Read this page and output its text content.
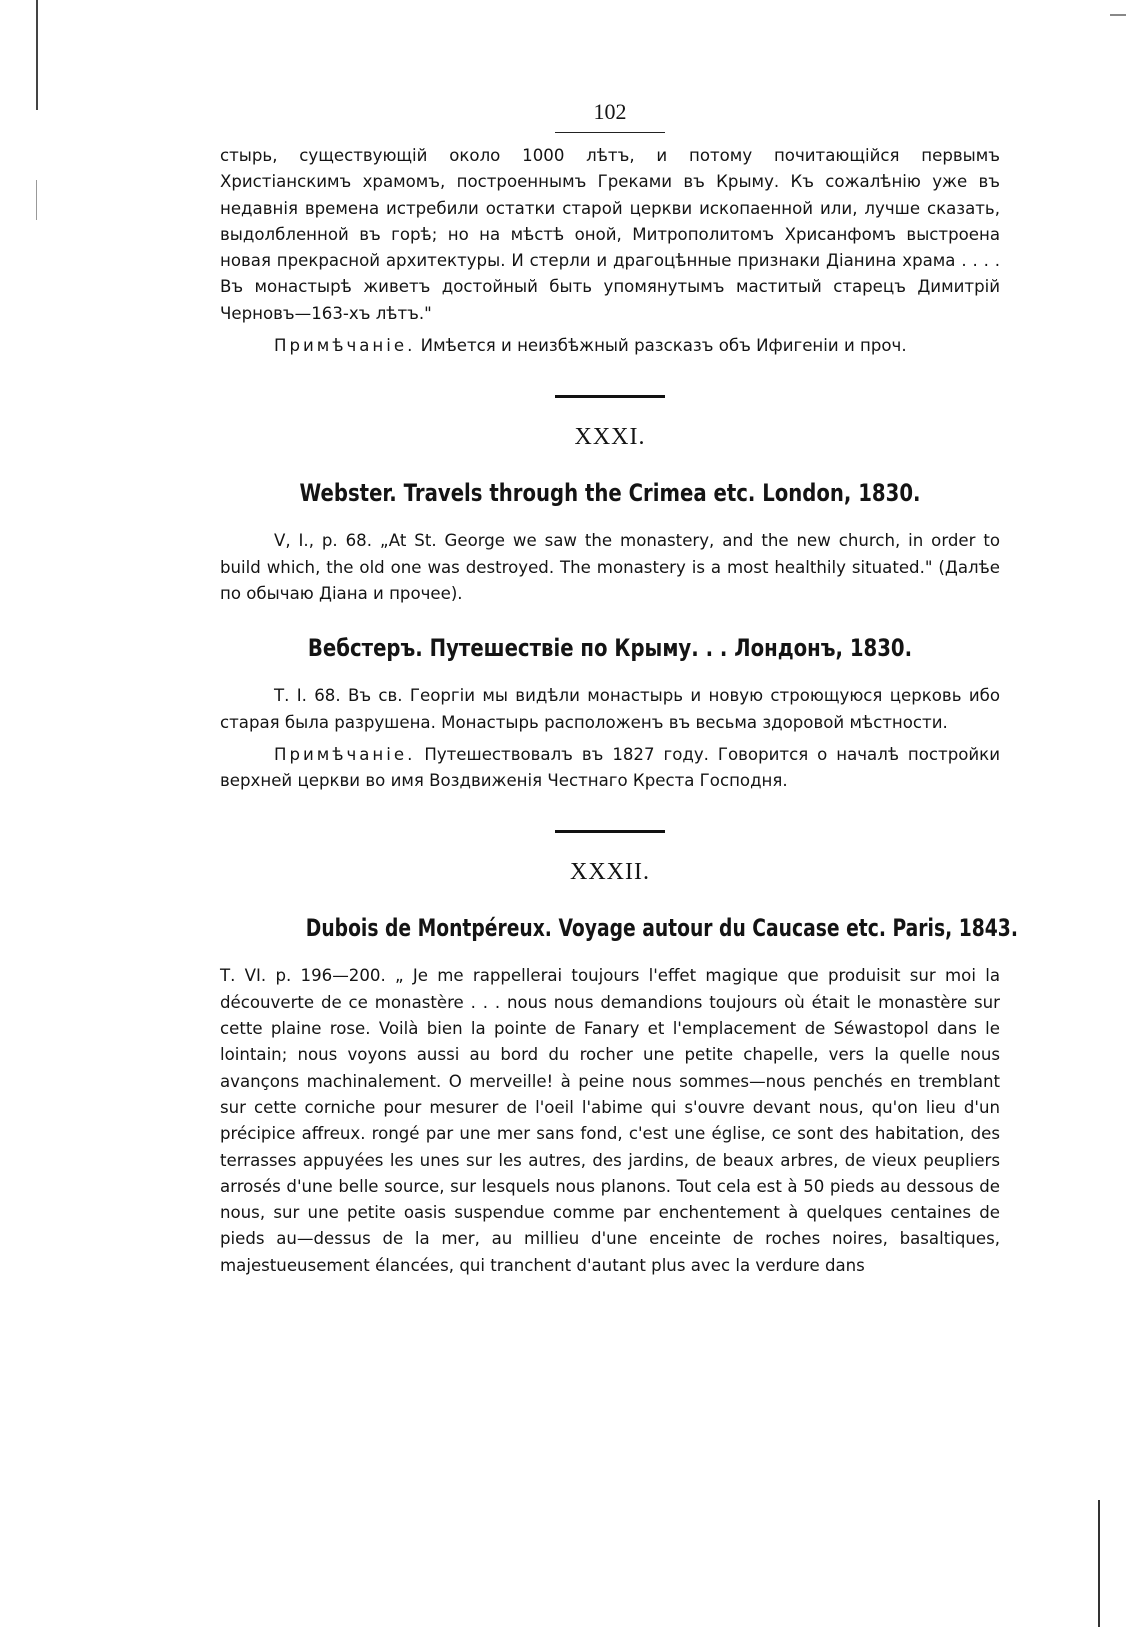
102

стырь, существующій около 1000 лѣтъ, и потому почитающійся первымъ Христіанскимъ храмомъ, построеннымъ Греками въ Крыму. Къ сожалѣнію уже въ недавнія времена истребили остатки старой церкви ископаенной или, лучше сказать, выдолбленной въ горѣ; но на мѣстѣ оной, Митрополитомъ Хрисанфомъ выстроена новая прекрасной архитектуры. И стерли и драгоцѣнные признаки Діанина храма . . . . Въ монастырѣ живетъ достойный быть упомянутымъ маститый старецъ Димитрій Черновъ—163-хъ лѣтъ."

Примѣчаніе. Имѣется и неизбѣжный разсказъ объ Ифигеніи и проч.

XXXI.
Webster. Travels through the Crimea etc. London, 1830.

V, I., p. 68. „At St. George we saw the monastery, and the new church, in order to build which, the old one was destroyed. The monastery is a most healthily situated." (Далѣе по обычаю Діана и прочее).

Вебстеръ. Путешествіе по Крыму. . . Лондонъ, 1830.

Т. I. 68. Въ св. Георгіи мы видѣли монастырь и новую строющуюся церковь ибо старая была разрушена. Монастырь расположенъ въ весьма здоровой мѣстности.

Примѣчаніе. Путешествовалъ въ 1827 году. Говорится о началѣ постройки верхней церкви во имя Воздвиженія Честнаго Креста Господня.

XXXII.
Dubois de Montpéreux. Voyage autour du Caucase etc. Paris, 1843.

Т. VI. p. 196—200. „ Je me rappellerai toujours l'effet magique que produisit sur moi la découverte de ce monastère . . . nous nous demandions toujours où était le monastère sur cette plaine rose. Voilà bien la pointe de Fanary et l'emplacement de Séwastopol dans le lointain; nous voyons aussi au bord du rocher une petite chapelle, vers la quelle nous avançons machinalement. O merveille! à peine nous sommes—nous penchés en tremblant sur cette corniche pour mesurer de l'oeil l'abime qui s'ouvre devant nous, qu'on lieu d'un précipice affreux. rongé par une mer sans fond, c'est une église, ce sont des habitation, des terrasses appuyées les unes sur les autres, des jardins, de beaux arbres, de vieux peupliers arrosés d'une belle source, sur lesquels nous planons. Tout cela est à 50 pieds au dessous de nous, sur une petite oasis suspendue comme par enchentement à quelques centaines de pieds au—dessus de la mer, au millieu d'une enceinte de roches noires, basaltiques, majestueusement élancées, qui tranchent d'autant plus avec la verdure dans
